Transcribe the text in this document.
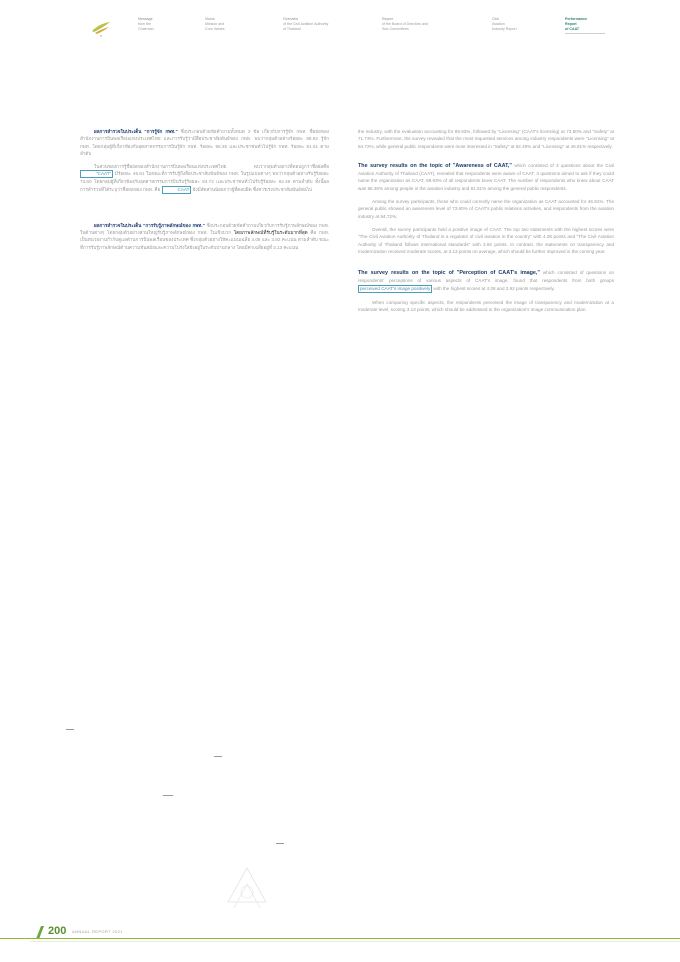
Message
from the
Chairman
Vision
Mission and
Core Values
Overview
of the Civil Aviation Authority
of Thailand
Report
of the Board of Directors and
Sub-Committees
Civil
Aviation
Industry Report
Performance
Report
of CAAT

ผลการสำรวจในประเด็น "การรู้จัก กพท." ซึ่งประกอบด้วยข้อคำถามทั้งหมด 3 ข้อ เกี่ยวกับการรู้จัก กพท. ชื่อย่อของสำนักงานการบินพลเรือนแห่งประเทศไทย และการรับรู้ว่ามีสื่อประชาสัมพันธ์ของ กพท. พบว่ากลุ่มตัวอย่างร้อยละ 89.93 รู้จัก กพท. โดยกลุ่มผู้ที่เกี่ยวข้องกับอุตสาหกรรมการบินรู้จัก กพท. ร้อยละ 98.35 และประชาชนทั่วไปรู้จัก กพท. ร้อยละ 81.51 ตามลำดับ

ในส่วนของการรู้ชื่อย่อของสำนักงานการบินพลเรือนแห่งประเทศไทย พบว่ากลุ่มตัวอย่างที่ตอบถูกว่าชื่อย่อคือ "CAAT" มีร้อยละ 46.81 ในขณะที่การรับรู้ถึงสื่อประชาสัมพันธ์ของ กพท. ในรูปแบบต่างๆ พบว่ากลุ่มตัวอย่างรับรู้ร้อยละ 73.60 โดยกลุ่มผู้ที่เกี่ยวข้องกับอุตสาหกรรมการบินรับรู้ร้อยละ 84.72 และประชาชนทั่วไปรับรู้ร้อยละ 62.49 ตามลำดับ ทั้งนี้ผลการสำรวจที่ได้ระบุว่าชื่อย่อของ กพท. คือ	CAAT ยังมีสัดส่วนน้อยกว่าผู้ที่ตอบผิด ซึ่งควรเร่งประชาสัมพันธ์ต่อไป

ผลการสำรวจในประเด็น "การรับรู้ภาพลักษณ์ของ กพท." ซึ่งประกอบด้วยข้อคำถามเกี่ยวกับการรับรู้ภาพลักษณ์ของ กพท. ในด้านต่างๆ โดยกลุ่มตัวอย่างส่วนใหญ่รับรู้ภาพลักษณ์ของ กพท. ในเชิงบวก โดยภาพลักษณ์ที่รับรู้ในระดับมากที่สุด คือ กพท. เป็นหน่วยงานกำกับดูแลด้านการบินพลเรือนของประเทศ ซึ่งกลุ่มตัวอย่างให้คะแนนเฉลี่ย 4.08 และ 3.92 คะแนน ตามลำดับ ขณะที่การรับรู้ภาพลักษณ์ด้านความทันสมัยและความโปร่งใสยังอยู่ในระดับปานกลาง โดยมีค่าเฉลี่ยอยู่ที่ 3.13 คะแนน

the industry, with the evaluation accounting for 89.93%, followed by "Licensing" (CAAT's licensing) at 73.60% and "Safety" at 71.73%. Furthermore, the survey revealed that the most requested services among industry respondents were "Licensing" at 84.72%, while general public respondents were most interested in "Safety" at 62.49% and "Licensing" at 46.81% respectively.

The survey results on the topic of "Awareness of CAAT," which consisted of 3 questions about the Civil Aviation Authority of Thailand (CAAT), revealed that respondents were aware of CAAT. 3 questions aimed to ask if they could name the organization as CAAT, 89.93% of all respondents knew CAAT. The number of respondents who knew about CAAT was 98.35% among people in the aviation industry and 81.51% among the general public respondents.

Among the survey participants, those who could correctly name the organization as CAAT accounted for 46.81%. The general public showed an awareness level of 73.60% of CAAT's public relations activities, and respondents from the aviation industry at 84.72%.

Overall, the survey participants held a positive image of CAAT. The top two statements with the highest scores were "The Civil Aviation Authority of Thailand is a regulator of civil aviation in the country" with 4.08 points and "The Civil Aviation Authority of Thailand follows international standards" with 3.92 points. In contrast, the statements on transparency and modernization received moderate scores, at 3.13 points on average, which should be further improved in the coming year.

The survey results on the topic of "Perception of CAAT's image," which consisted of questions on respondents' perceptions of various aspects of CAAT's image, found that respondents from both groups perceived CAAT's image positively with the highest scores at 4.08 and 3.92 points respectively.

When comparing specific aspects, the respondents perceived the image of transparency and modernization at a moderate level, scoring 3.13 points, which should be addressed in the organization's image communication plan.

200 ANNUAL REPORT 2021
